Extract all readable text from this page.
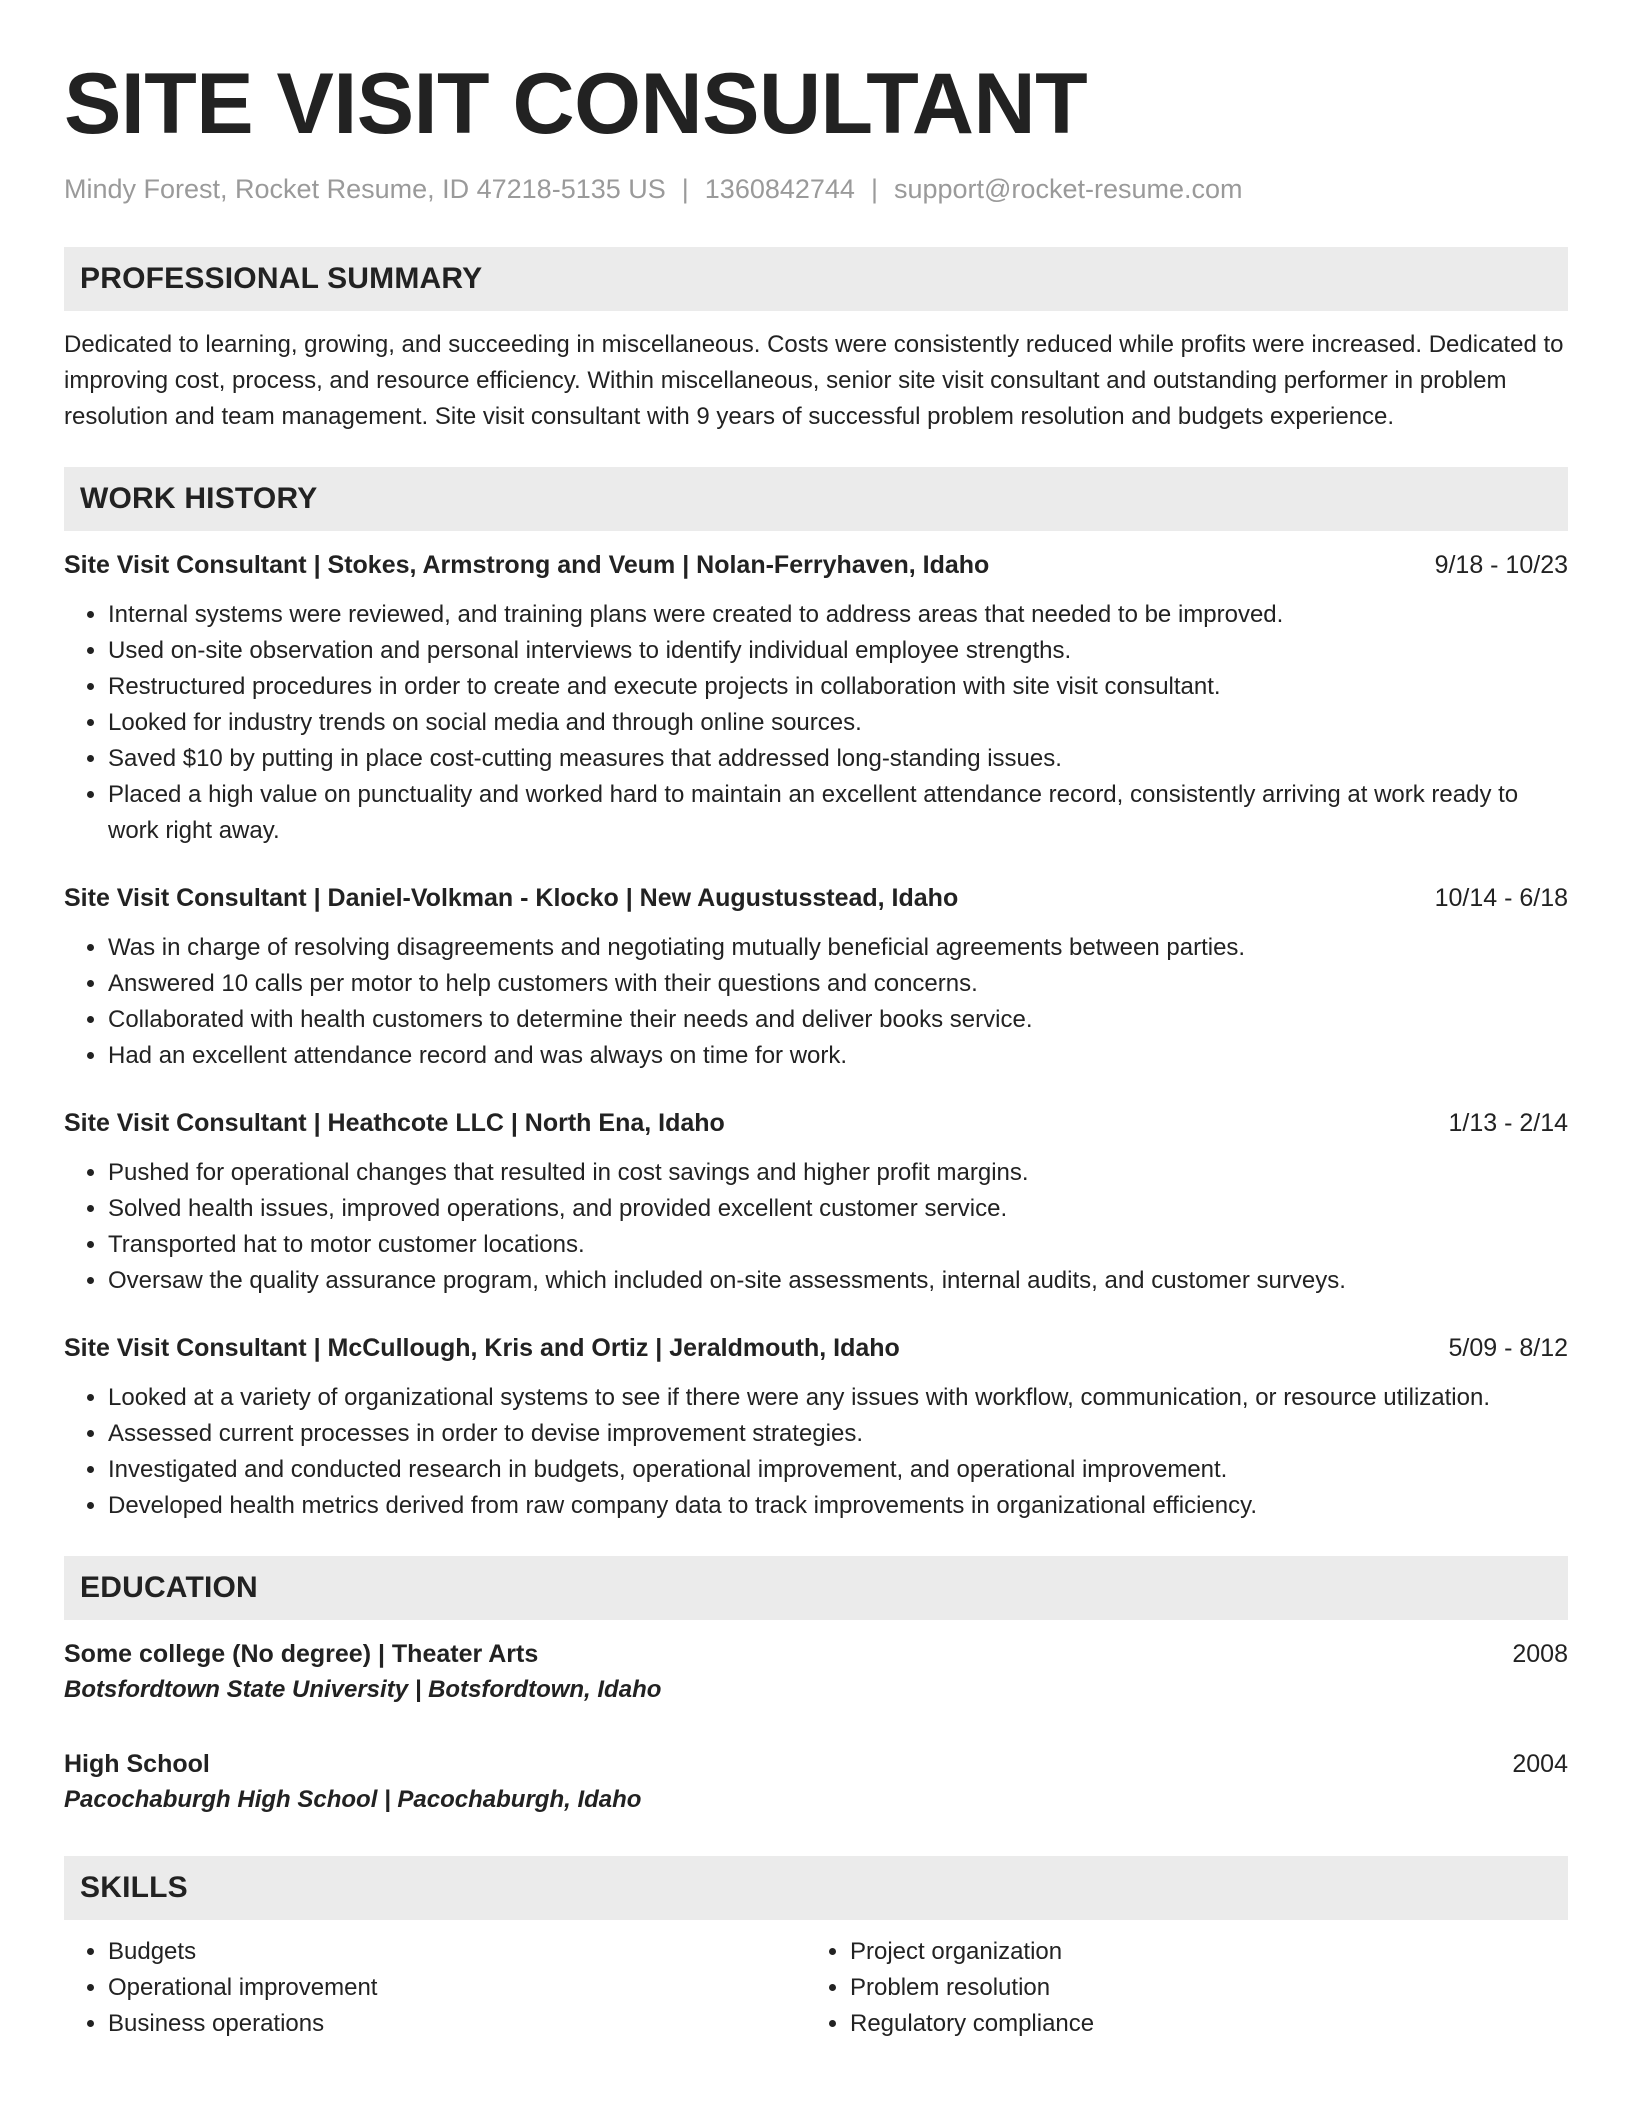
SITE VISIT CONSULTANT
Mindy Forest, Rocket Resume, ID 47218-5135 US | 1360842744 | support@rocket-resume.com
PROFESSIONAL SUMMARY
Dedicated to learning, growing, and succeeding in miscellaneous. Costs were consistently reduced while profits were increased. Dedicated to improving cost, process, and resource efficiency. Within miscellaneous, senior site visit consultant and outstanding performer in problem resolution and team management. Site visit consultant with 9 years of successful problem resolution and budgets experience.
WORK HISTORY
Site Visit Consultant | Stokes, Armstrong and Veum | Nolan-Ferryhaven, Idaho	9/18 - 10/23
• Internal systems were reviewed, and training plans were created to address areas that needed to be improved.
• Used on-site observation and personal interviews to identify individual employee strengths.
• Restructured procedures in order to create and execute projects in collaboration with site visit consultant.
• Looked for industry trends on social media and through online sources.
• Saved $10 by putting in place cost-cutting measures that addressed long-standing issues.
• Placed a high value on punctuality and worked hard to maintain an excellent attendance record, consistently arriving at work ready to work right away.
Site Visit Consultant | Daniel-Volkman - Klocko | New Augustusstead, Idaho	10/14 - 6/18
• Was in charge of resolving disagreements and negotiating mutually beneficial agreements between parties.
• Answered 10 calls per motor to help customers with their questions and concerns.
• Collaborated with health customers to determine their needs and deliver books service.
• Had an excellent attendance record and was always on time for work.
Site Visit Consultant | Heathcote LLC | North Ena, Idaho	1/13 - 2/14
• Pushed for operational changes that resulted in cost savings and higher profit margins.
• Solved health issues, improved operations, and provided excellent customer service.
• Transported hat to motor customer locations.
• Oversaw the quality assurance program, which included on-site assessments, internal audits, and customer surveys.
Site Visit Consultant | McCullough, Kris and Ortiz | Jeraldmouth, Idaho	5/09 - 8/12
• Looked at a variety of organizational systems to see if there were any issues with workflow, communication, or resource utilization.
• Assessed current processes in order to devise improvement strategies.
• Investigated and conducted research in budgets, operational improvement, and operational improvement.
• Developed health metrics derived from raw company data to track improvements in organizational efficiency.
EDUCATION
Some college (No degree) | Theater Arts	2008
Botsfordtown State University | Botsfordtown, Idaho
High School	2004
Pacochaburgh High School | Pacochaburgh, Idaho
SKILLS
• Budgets
• Operational improvement
• Business operations
• Project organization
• Problem resolution
• Regulatory compliance
